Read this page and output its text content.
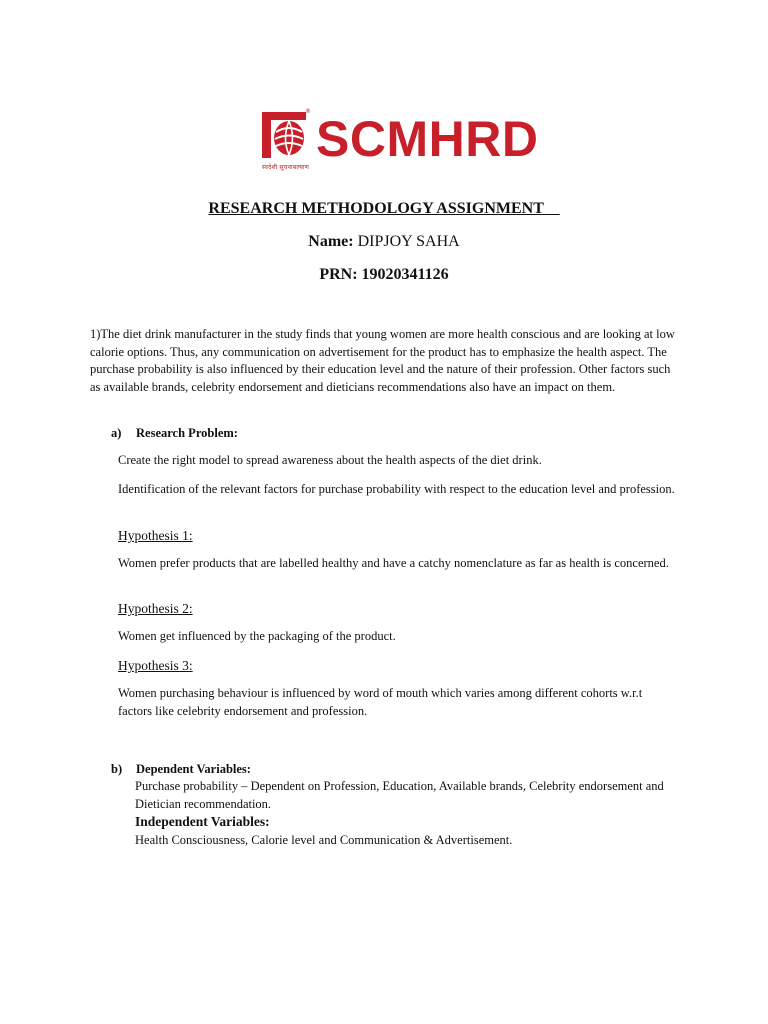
®
स्वदेशी सूचनाबल्याण
SCMHRD
RESEARCH METHODOLOGY ASSIGNMENT
Name: DIPJOY SAHA
PRN: 19020341126
1)The diet drink manufacturer in the study finds that young women are more health conscious and are looking at low calorie options. Thus, any communication on advertisement for the product has to emphasize the health aspect. The purchase probability is also influenced by their education level and the nature of their profession. Other factors such as available brands, celebrity endorsement and dieticians recommendations also have an impact on them.
a) Research Problem:
Create the right model to spread awareness about the health aspects of the diet drink.
Identification of the relevant factors for purchase probability with respect to the education level and profession.
Hypothesis 1:
Women prefer products that are labelled healthy and have a catchy nomenclature as far as health is concerned.
Hypothesis 2:
Women get influenced by the packaging of the product.
Hypothesis 3:
Women purchasing behaviour is influenced by word of mouth which varies among different cohorts w.r.t factors like celebrity endorsement and profession.
b) Dependent Variables:
Purchase probability – Dependent on Profession, Education, Available brands, Celebrity endorsement and Dietician recommendation.
Independent Variables:
Health Consciousness, Calorie level and Communication & Advertisement.
